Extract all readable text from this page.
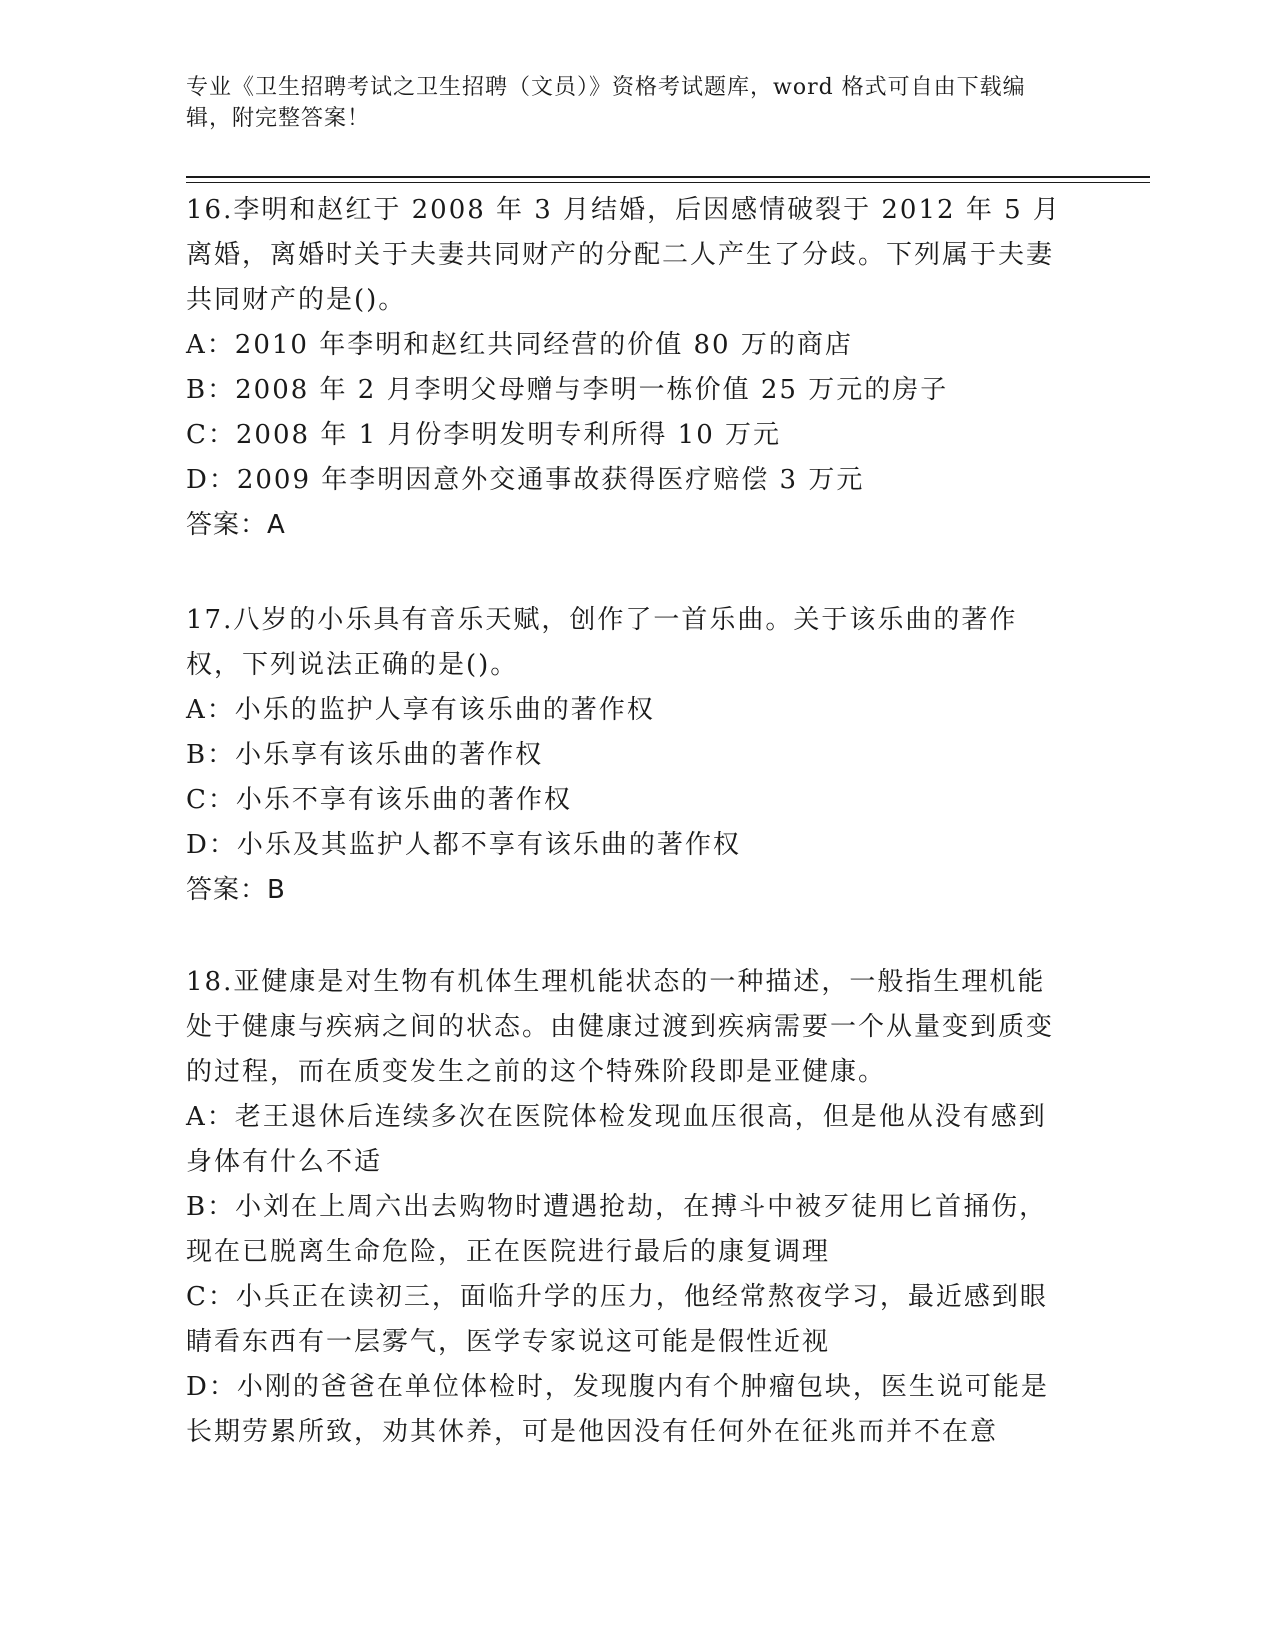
专业《卫生招聘考试之卫生招聘（文员）》资格考试题库，word 格式可自由下载编辑，附完整答案！

16.李明和赵红于 2008 年 3 月结婚，后因感情破裂于 2012 年 5 月离婚，离婚时关于夫妻共同财产的分配二人产生了分歧。下列属于夫妻共同财产的是()。

A：2010 年李明和赵红共同经营的价值 80 万的商店

B：2008 年 2 月李明父母赠与李明一栋价值 25 万元的房子

C：2008 年 1 月份李明发明专利所得 10 万元

D：2009 年李明因意外交通事故获得医疗赔偿 3 万元

答案：A

17.八岁的小乐具有音乐天赋，创作了一首乐曲。关于该乐曲的著作权，下列说法正确的是()。

A：小乐的监护人享有该乐曲的著作权

B：小乐享有该乐曲的著作权

C：小乐不享有该乐曲的著作权

D：小乐及其监护人都不享有该乐曲的著作权

答案：B

18.亚健康是对生物有机体生理机能状态的一种描述，一般指生理机能处于健康与疾病之间的状态。由健康过渡到疾病需要一个从量变到质变的过程，而在质变发生之前的这个特殊阶段即是亚健康。

A：老王退休后连续多次在医院体检发现血压很高，但是他从没有感到身体有什么不适

B：小刘在上周六出去购物时遭遇抢劫，在搏斗中被歹徒用匕首捅伤，现在已脱离生命危险，正在医院进行最后的康复调理

C：小兵正在读初三，面临升学的压力，他经常熬夜学习，最近感到眼睛看东西有一层雾气，医学专家说这可能是假性近视

D：小刚的爸爸在单位体检时，发现腹内有个肿瘤包块，医生说可能是长期劳累所致，劝其休养，可是他因没有任何外在征兆而并不在意
